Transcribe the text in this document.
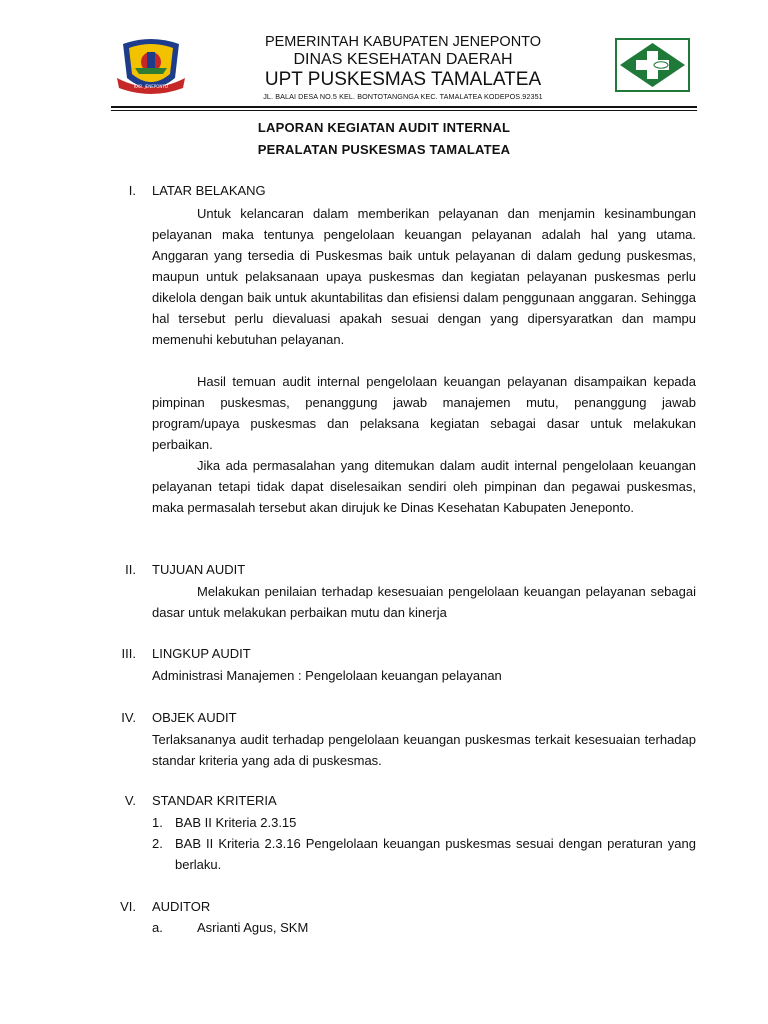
KAB. JENEPONTO
PEMERINTAH KABUPATEN JENEPONTO
DINAS KESEHATAN DAERAH
UPT PUSKESMAS TAMALATEA
JL. BALAI DESA NO.5 KEL. BONTOTANGNGA KEC. TAMALATEA KODEPOS.92351
LAPORAN KEGIATAN AUDIT INTERNAL
PERALATAN PUSKESMAS TAMALATEA
I. LATAR BELAKANG

Untuk kelancaran dalam memberikan pelayanan dan menjamin kesinambungan pelayanan maka tentunya pengelolaan keuangan pelayanan adalah hal yang utama. Anggaran yang tersedia di Puskesmas baik untuk pelayanan di dalam gedung puskesmas, maupun untuk pelaksanaan upaya puskesmas dan kegiatan pelayanan puskesmas perlu dikelola dengan baik untuk akuntabilitas dan efisiensi dalam penggunaan anggaran. Sehingga hal tersebut perlu dievaluasi apakah sesuai dengan yang dipersyaratkan dan mampu memenuhi kebutuhan pelayanan.

Hasil temuan audit internal pengelolaan keuangan pelayanan disampaikan kepada pimpinan puskesmas, penanggung jawab manajemen mutu, penanggung jawab program/upaya puskesmas dan pelaksana kegiatan sebagai dasar untuk melakukan perbaikan.

Jika ada permasalahan yang ditemukan dalam audit internal pengelolaan keuangan pelayanan tetapi tidak dapat diselesaikan sendiri oleh pimpinan dan pegawai puskesmas, maka permasalah tersebut akan dirujuk ke Dinas Kesehatan Kabupaten Jeneponto.

II. TUJUAN AUDIT

Melakukan penilaian terhadap kesesuaian pengelolaan keuangan pelayanan sebagai dasar untuk melakukan perbaikan mutu dan kinerja

III. LINGKUP AUDIT
Administrasi Manajemen : Pengelolaan keuangan pelayanan
IV. OBJEK AUDIT

Terlaksananya audit terhadap pengelolaan keuangan puskesmas terkait kesesuaian terhadap standar kriteria yang ada di puskesmas.

V. STANDAR KRITERIA
1. BAB II Kriteria 2.3.15
2. BAB II Kriteria 2.3.16 Pengelolaan keuangan puskesmas sesuai dengan peraturan yang berlaku.
VI. AUDITOR
a.	Asrianti Agus, SKM
